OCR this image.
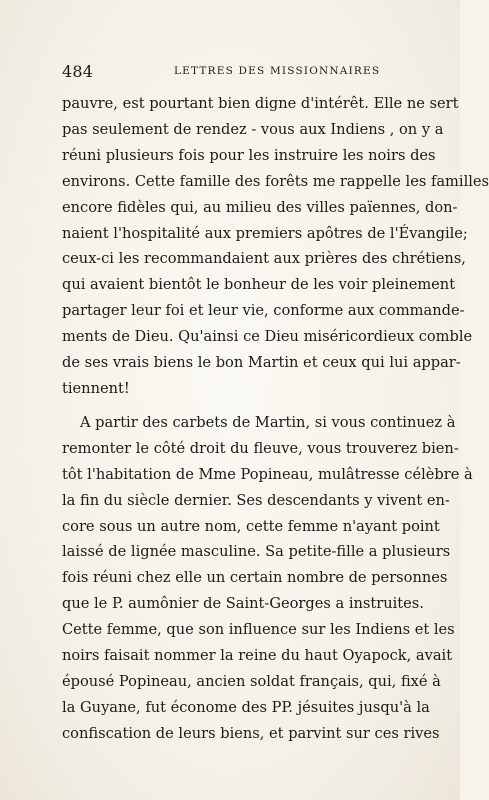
484	LETTRES DES MISSIONNAIRES
pauvre, est pourtant bien digne d'intérêt. Elle ne sert
pas seulement de rendez - vous aux Indiens , on y a
réuni plusieurs fois pour les instruire les noirs des
environs. Cette famille des forêts me rappelle les familles
encore fidèles qui, au milieu des villes païennes, don-
naient l'hospitalité aux premiers apôtres de l'Évangile;
ceux-ci les recommandaient aux prières des chrétiens,
qui avaient bientôt le bonheur de les voir pleinement
partager leur foi et leur vie, conforme aux commande-
ments de Dieu. Qu'ainsi ce Dieu miséricordieux comble
de ses vrais biens le bon Martin et ceux qui lui appar-
tiennent!
A partir des carbets de Martin, si vous continuez à
remonter le côté droit du fleuve, vous trouverez bien-
tôt l'habitation de Mme Popineau, mulâtresse célèbre à
la fin du siècle dernier. Ses descendants y vivent en-
core sous un autre nom, cette femme n'ayant point
laissé de lignée masculine. Sa petite-fille a plusieurs
fois réuni chez elle un certain nombre de personnes
que le P. aumônier de Saint-Georges a instruites.
Cette femme, que son influence sur les Indiens et les
noirs faisait nommer la reine du haut Oyapock, avait
épousé Popineau, ancien soldat français, qui, fixé à
la Guyane, fut économe des PP. jésuites jusqu'à la
confiscation de leurs biens, et parvint sur ces rives
